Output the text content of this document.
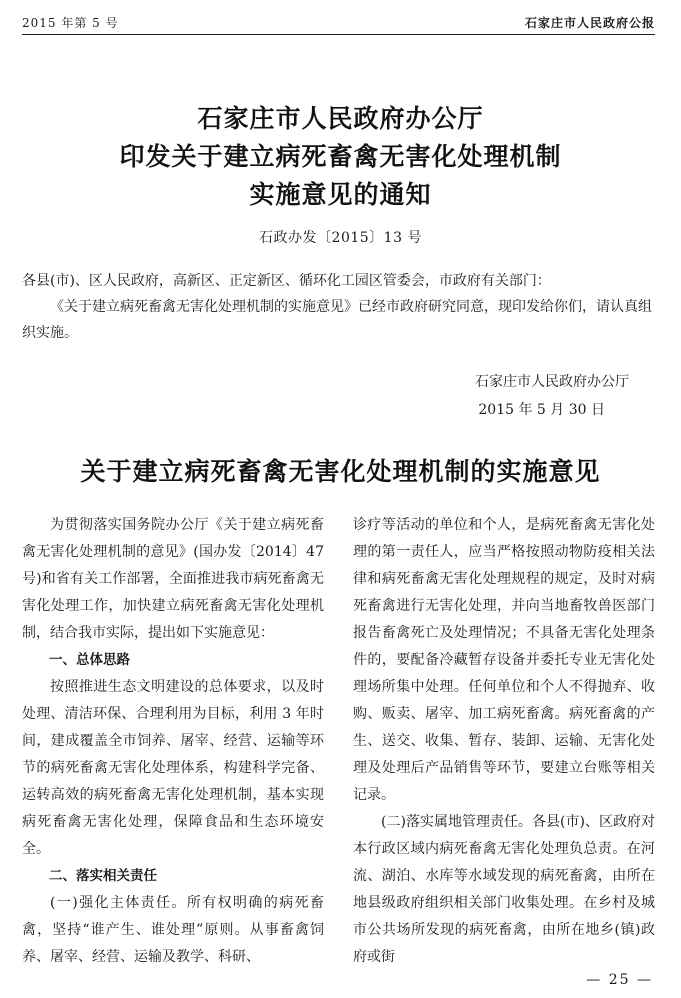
2015 年第 5 号	石家庄市人民政府公报
石家庄市人民政府办公厅
印发关于建立病死畜禽无害化处理机制
实施意见的通知
石政办发〔2015〕13 号

各县(市)、区人民政府，高新区、正定新区、循环化工园区管委会，市政府有关部门：

《关于建立病死畜禽无害化处理机制的实施意见》已经市政府研究同意，现印发给你们，请认真组织实施。

石家庄市人民政府办公厅
2015 年 5 月 30 日
关于建立病死畜禽无害化处理机制的实施意见

为贯彻落实国务院办公厅《关于建立病死畜禽无害化处理机制的意见》(国办发〔2014〕47 号)和省有关工作部署，全面推进我市病死畜禽无害化处理工作，加快建立病死畜禽无害化处理机制，结合我市实际，提出如下实施意见：

一、总体思路

按照推进生态文明建设的总体要求，以及时处理、清洁环保、合理利用为目标，利用 3 年时间，建成覆盖全市饲养、屠宰、经营、运输等环节的病死畜禽无害化处理体系，构建科学完备、运转高效的病死畜禽无害化处理机制，基本实现病死畜禽无害化处理，保障食品和生态环境安全。

二、落实相关责任

(一)强化主体责任。所有权明确的病死畜禽，坚持“谁产生、谁处理”原则。从事畜禽饲养、屠宰、经营、运输及教学、科研、

诊疗等活动的单位和个人，是病死畜禽无害化处理的第一责任人，应当严格按照动物防疫相关法律和病死畜禽无害化处理规程的规定，及时对病死畜禽进行无害化处理，并向当地畜牧兽医部门报告畜禽死亡及处理情况；不具备无害化处理条件的，要配备冷藏暂存设备并委托专业无害化处理场所集中处理。任何单位和个人不得抛弃、收购、贩卖、屠宰、加工病死畜禽。病死畜禽的产生、送交、收集、暂存、装卸、运输、无害化处理及处理后产品销售等环节，要建立台账等相关记录。

(二)落实属地管理责任。各县(市)、区政府对本行政区域内病死畜禽无害化处理负总责。在河流、湖泊、水库等水域发现的病死畜禽，由所在地县级政府组织相关部门收集处理。在乡村及城市公共场所发现的病死畜禽，由所在地乡(镇)政府或街

— 25 —
